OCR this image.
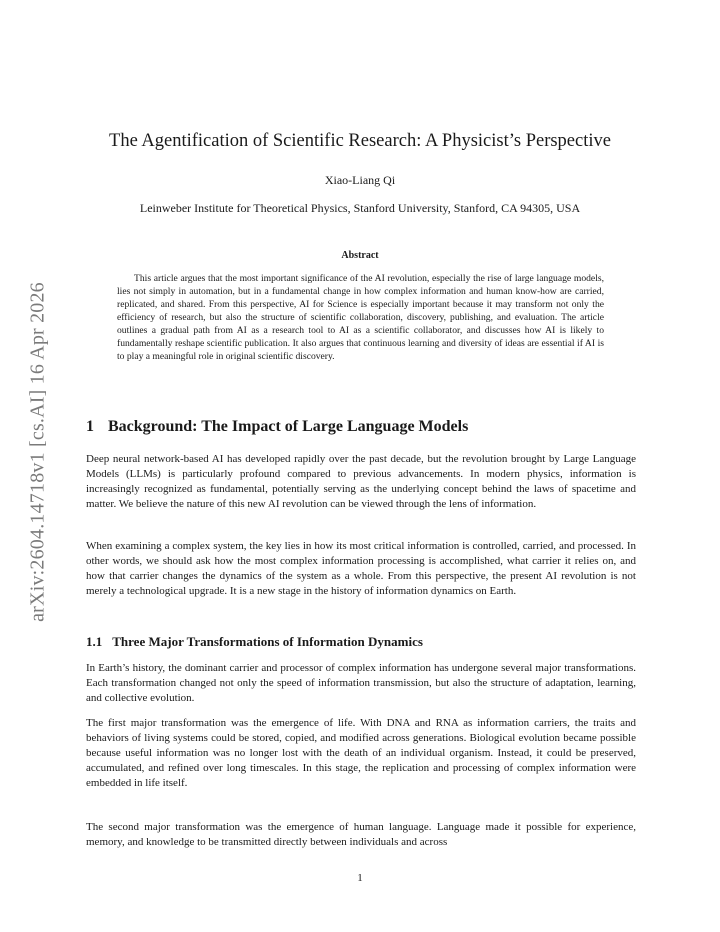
arXiv:2604.14718v1 [cs.AI] 16 Apr 2026
The Agentification of Scientific Research: A Physicist’s Perspective

Xiao-Liang Qi

Leinweber Institute for Theoretical Physics, Stanford University, Stanford, CA 94305, USA

Abstract

This article argues that the most important significance of the AI revolution, especially the rise of large language models, lies not simply in automation, but in a fundamental change in how complex information and human know-how are carried, replicated, and shared. From this perspective, AI for Science is especially important because it may transform not only the efficiency of research, but also the structure of scientific collaboration, discovery, publishing, and evaluation. The article outlines a gradual path from AI as a research tool to AI as a scientific collaborator, and discusses how AI is likely to fundamentally reshape scientific publication. It also argues that continuous learning and diversity of ideas are essential if AI is to play a meaningful role in original scientific discovery.

1 Background: The Impact of Large Language Models

Deep neural network-based AI has developed rapidly over the past decade, but the revolution brought by Large Language Models (LLMs) is particularly profound compared to previous advancements. In modern physics, information is increasingly recognized as fundamental, potentially serving as the underlying concept behind the laws of spacetime and matter. We believe the nature of this new AI revolution can be viewed through the lens of information.

When examining a complex system, the key lies in how its most critical information is controlled, carried, and processed. In other words, we should ask how the most complex information processing is accomplished, what carrier it relies on, and how that carrier changes the dynamics of the system as a whole. From this perspective, the present AI revolution is not merely a technological upgrade. It is a new stage in the history of information dynamics on Earth.

1.1 Three Major Transformations of Information Dynamics

In Earth’s history, the dominant carrier and processor of complex information has undergone several major transformations. Each transformation changed not only the speed of information transmission, but also the structure of adaptation, learning, and collective evolution.

The first major transformation was the emergence of life. With DNA and RNA as information carriers, the traits and behaviors of living systems could be stored, copied, and modified across generations. Biological evolution became possible because useful information was no longer lost with the death of an individual organism. Instead, it could be preserved, accumulated, and refined over long timescales. In this stage, the replication and processing of complex information were embedded in life itself.

The second major transformation was the emergence of human language. Language made it possible for experience, memory, and knowledge to be transmitted directly between individuals and across

1
